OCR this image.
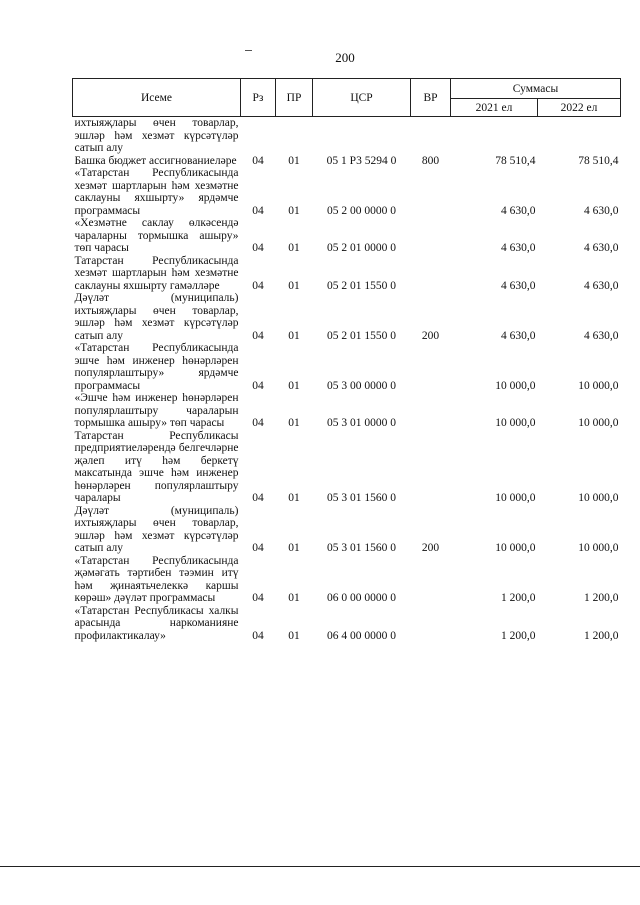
200
Исеме	Рз	ПР	ЦСР	ВР	Суммасы	
					2021 ел	2022 ел
ихтыяҗлары өчен товарлар, эшләр һәм хезмәт күрсәтүләр сатып алу						
Башка бюджет ассигнованиеләре	04	01	05 1 Р3 5294 0	800	78 510,4	78 510,4
«Татарстан Республикасында хезмәт шартларын һәм хезмәтне саклауны яхшырту» ярдәмче программасы	04	01	05 2 00 0000 0		4 630,0	4 630,0
«Хезмәтне саклау өлкәсендә чараларны тормышка ашыру» төп чарасы	04	01	05 2 01 0000 0		4 630,0	4 630,0
Татарстан Республикасында хезмәт шартларын һәм хезмәтне саклауны яхшырту гамәлләре	04	01	05 2 01 1550 0		4 630,0	4 630,0
Дәүләт (муниципаль) ихтыяҗлары өчен товарлар, эшләр һәм хезмәт күрсәтүләр сатып алу	04	01	05 2 01 1550 0	200	4 630,0	4 630,0
«Татарстан Республикасында эшче һәм инженер һөнәрләрен популярлаштыру» ярдәмче программасы	04	01	05 3 00 0000 0		10 000,0	10 000,0
«Эшче һәм инженер һөнәрләрен популярлаштыру чараларын тормышка ашыру» төп чарасы	04	01	05 3 01 0000 0		10 000,0	10 000,0
Татарстан Республикасы предприятиеләрендә белгечләрне җәлеп итү һәм беркетү максатында эшче һәм инженер һөнәрләрен популярлаштыру чаралары	04	01	05 3 01 1560 0		10 000,0	10 000,0
Дәүләт (муниципаль) ихтыяҗлары өчен товарлар, эшләр һәм хезмәт күрсәтүләр сатып алу	04	01	05 3 01 1560 0	200	10 000,0	10 000,0
«Татарстан Республикасында җәмәгать тәртибен тәэмин итү һәм җинаятьчелеккә каршы көрәш» дәүләт программасы	04	01	06 0 00 0000 0		1 200,0	1 200,0
«Татарстан Республикасы халкы арасында наркоманияне профилактикалау»	04	01	06 4 00 0000 0		1 200,0	1 200,0
